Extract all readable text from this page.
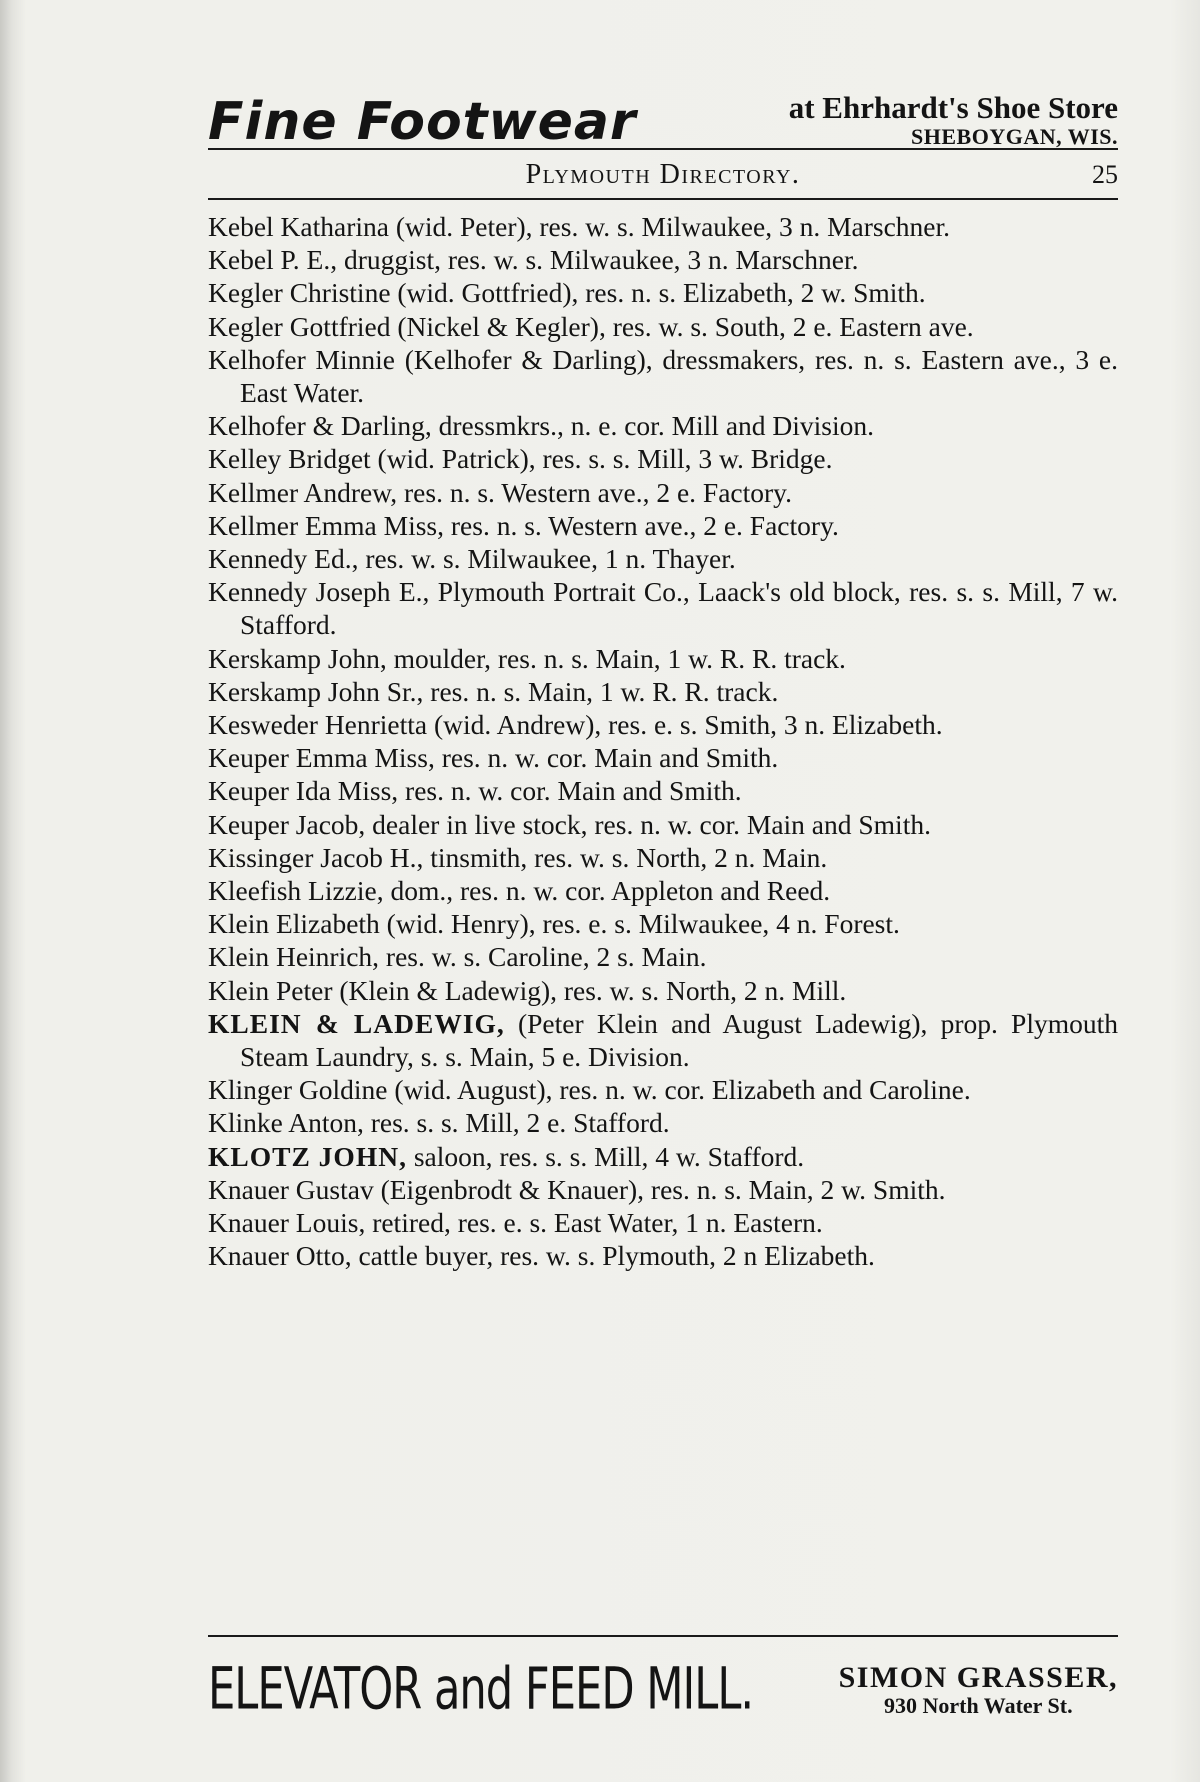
Fine Footwear	at Ehrhardt's Shoe Store
SHEBOYGAN, WIS.
Plymouth Directory.	25
Kebel Katharina (wid. Peter), res. w. s. Milwaukee, 3 n. Marschner.
Kebel P. E., druggist, res. w. s. Milwaukee, 3 n. Marschner.
Kegler Christine (wid. Gottfried), res. n. s. Elizabeth, 2 w. Smith.
Kegler Gottfried (Nickel & Kegler), res. w. s. South, 2 e. Eastern ave.
Kelhofer Minnie (Kelhofer & Darling), dressmakers, res. n. s. Eastern ave., 3 e. East Water.
Kelhofer & Darling, dressmkrs., n. e. cor. Mill and Division.
Kelley Bridget (wid. Patrick), res. s. s. Mill, 3 w. Bridge.
Kellmer Andrew, res. n. s. Western ave., 2 e. Factory.
Kellmer Emma Miss, res. n. s. Western ave., 2 e. Factory.
Kennedy Ed., res. w. s. Milwaukee, 1 n. Thayer.
Kennedy Joseph E., Plymouth Portrait Co., Laack's old block, res. s. s. Mill, 7 w. Stafford.
Kerskamp John, moulder, res. n. s. Main, 1 w. R. R. track.
Kerskamp John Sr., res. n. s. Main, 1 w. R. R. track.
Kesweder Henrietta (wid. Andrew), res. e. s. Smith, 3 n. Elizabeth.
Keuper Emma Miss, res. n. w. cor. Main and Smith.
Keuper Ida Miss, res. n. w. cor. Main and Smith.
Keuper Jacob, dealer in live stock, res. n. w. cor. Main and Smith.
Kissinger Jacob H., tinsmith, res. w. s. North, 2 n. Main.
Kleefish Lizzie, dom., res. n. w. cor. Appleton and Reed.
Klein Elizabeth (wid. Henry), res. e. s. Milwaukee, 4 n. Forest.
Klein Heinrich, res. w. s. Caroline, 2 s. Main.
Klein Peter (Klein & Ladewig), res. w. s. North, 2 n. Mill.
KLEIN & LADEWIG, (Peter Klein and August Ladewig), prop. Plymouth Steam Laundry, s. s. Main, 5 e. Division.
Klinger Goldine (wid. August), res. n. w. cor. Elizabeth and Caroline.
Klinke Anton, res. s. s. Mill, 2 e. Stafford.
KLOTZ JOHN, saloon, res. s. s. Mill, 4 w. Stafford.
Knauer Gustav (Eigenbrodt & Knauer), res. n. s. Main, 2 w. Smith.
Knauer Louis, retired, res. e. s. East Water, 1 n. Eastern.
Knauer Otto, cattle buyer, res. w. s. Plymouth, 2 n Elizabeth.
ELEVATOR and FEED MILL.	SIMON GRASSER,
930 North Water St.
